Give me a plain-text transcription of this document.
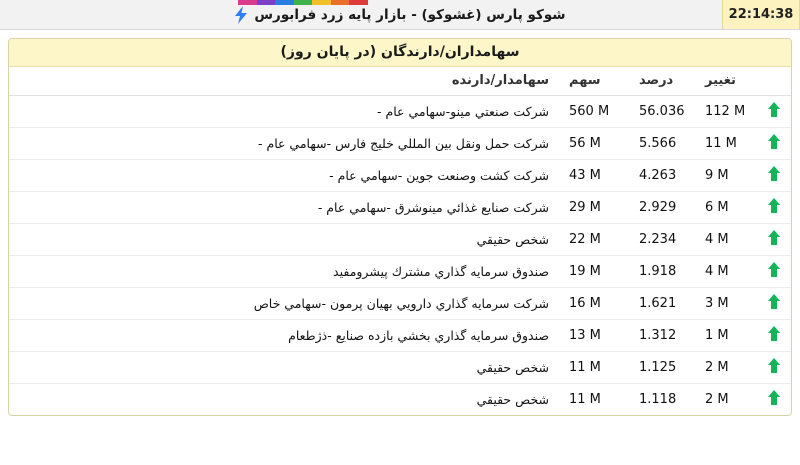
22:14:38
شوكو پارس (غشوكو) - بازار پايه زرد فرابورس
سهامداران/دارندگان (در پايان روز)
	تغيير	درصد	سهم	سهامدار/دارنده
	112 M	56.036	560 M	شركت صنعتي مينو-سهامي عام -
	11 M	5.566	56 M	شركت حمل ونقل بين المللي خليج فارس -سهامي عام -
	9 M	4.263	43 M	شركت كشت وصنعت جوين -سهامي عام -
	6 M	2.929	29 M	شركت صنايع غذائي مينوشرق -سهامي عام -
	4 M	2.234	22 M	شخص حقيقي
	4 M	1.918	19 M	صندوق سرمايه گذاري مشترك پيشرومفيد
	3 M	1.621	16 M	شركت سرمايه گذاري دارويي بهيان پرمون -سهامي خاص
	1 M	1.312	13 M	صندوق سرمايه گذاري بخشي بازده صنايع -ذژطعام
	2 M	1.125	11 M	شخص حقيقي
	2 M	1.118	11 M	شخص حقيقي
